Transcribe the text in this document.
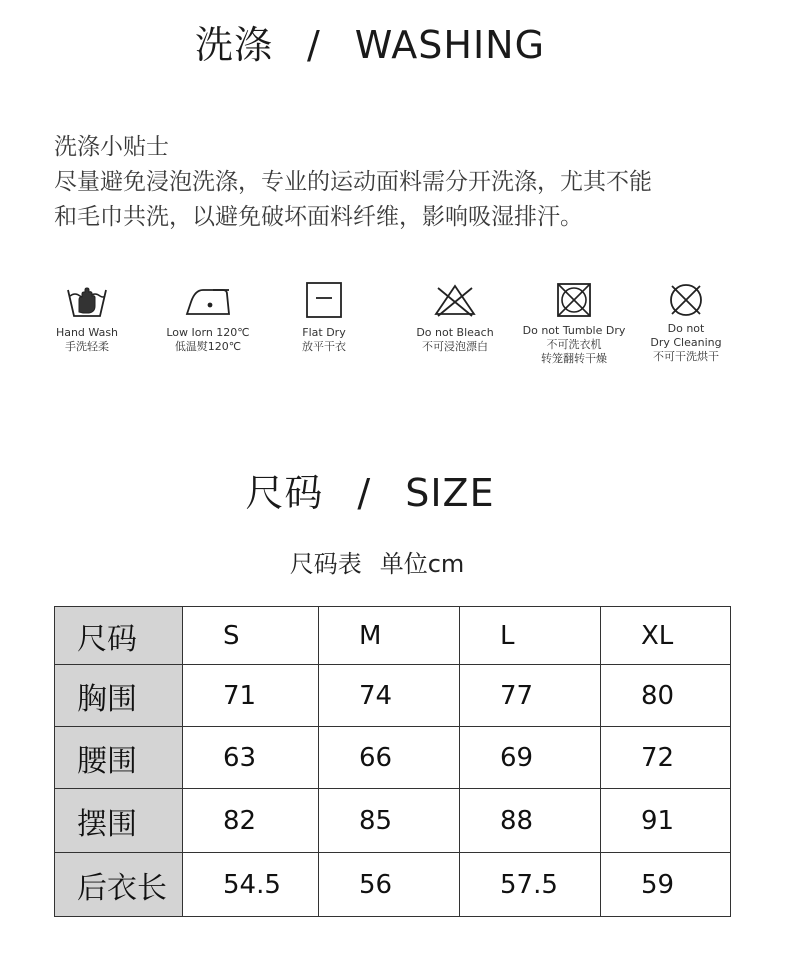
洗涤 / WASHING
洗涤小贴士
尽量避免浸泡洗涤，专业的运动面料需分开洗涤，尤其不能
和毛巾共洗，以避免破坏面料纤维，影响吸湿排汗。
Hand Wash
手洗轻柔
Low Iorn 120℃
低温熨120℃
Flat Dry
放平干衣
Do not Bleach
不可浸泡漂白
Do not Tumble Dry
不可洗衣机
转笼翻转干燥
Do not
Dry Cleaning
不可干洗烘干
尺码 / SIZE
尺码表 单位cm
尺码	S	M	L	XL
胸围	71	74	77	80
腰围	63	66	69	72
摆围	82	85	88	91
后衣长	54.5	56	57.5	59
